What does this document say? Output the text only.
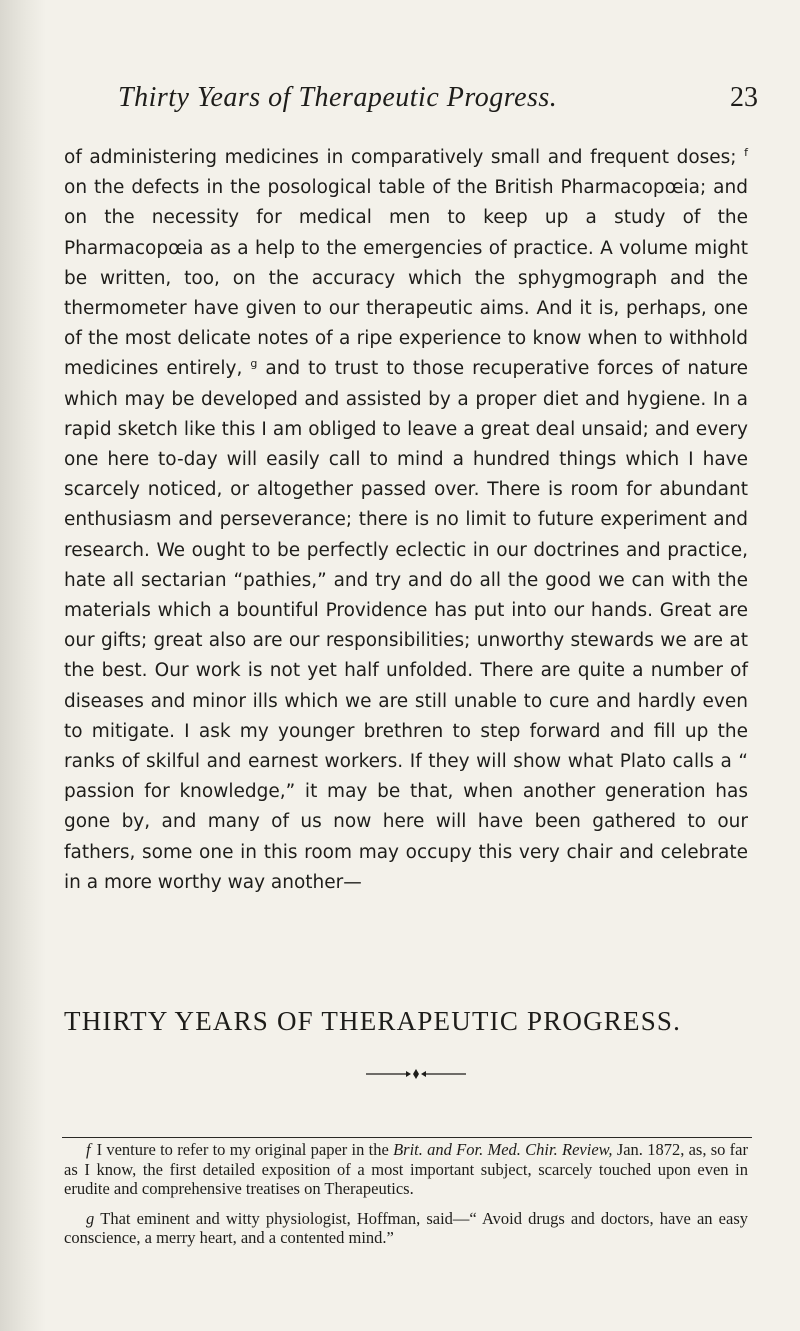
Thirty Years of Therapeutic Progress.	23

of administering medicines in comparatively small and frequent doses; $^f$ on the defects in the posological table of the British Pharmacopœia; and on the necessity for medical men to keep up a study of the Pharmacopœia as a help to the emergencies of practice. A volume might be written, too, on the accuracy which the sphygmograph and the thermometer have given to our therapeutic aims. And it is, perhaps, one of the most delicate notes of a ripe experience to know when to withhold medicines entirely, $^g$ and to trust to those recuperative forces of nature which may be developed and assisted by a proper diet and hygiene. In a rapid sketch like this I am obliged to leave a great deal unsaid; and every one here to-day will easily call to mind a hundred things which I have scarcely noticed, or altogether passed over. There is room for abundant enthusiasm and perseverance; there is no limit to future experiment and research. We ought to be perfectly eclectic in our doctrines and practice, hate all sectarian “pathies,” and try and do all the good we can with the materials which a bountiful Providence has put into our hands. Great are our gifts; great also are our responsibilities; unworthy stewards we are at the best. Our work is not yet half unfolded. There are quite a number of diseases and minor ills which we are still unable to cure and hardly even to mitigate. I ask my younger brethren to step forward and fill up the ranks of skilful and earnest workers. If they will show what Plato calls a “ passion for knowledge,” it may be that, when another generation has gone by, and many of us now here will have been gathered to our fathers, some one in this room may occupy this very chair and celebrate in a more worthy way another—

THIRTY YEARS OF THERAPEUTIC PROGRESS.

f I venture to refer to my original paper in the Brit. and For. Med. Chir. Review, Jan. 1872, as, so far as I know, the first detailed exposition of a most important subject, scarcely touched upon even in erudite and comprehensive treatises on Therapeutics.

g That eminent and witty physiologist, Hoffman, said—“ Avoid drugs and doctors, have an easy conscience, a merry heart, and a contented mind.”
